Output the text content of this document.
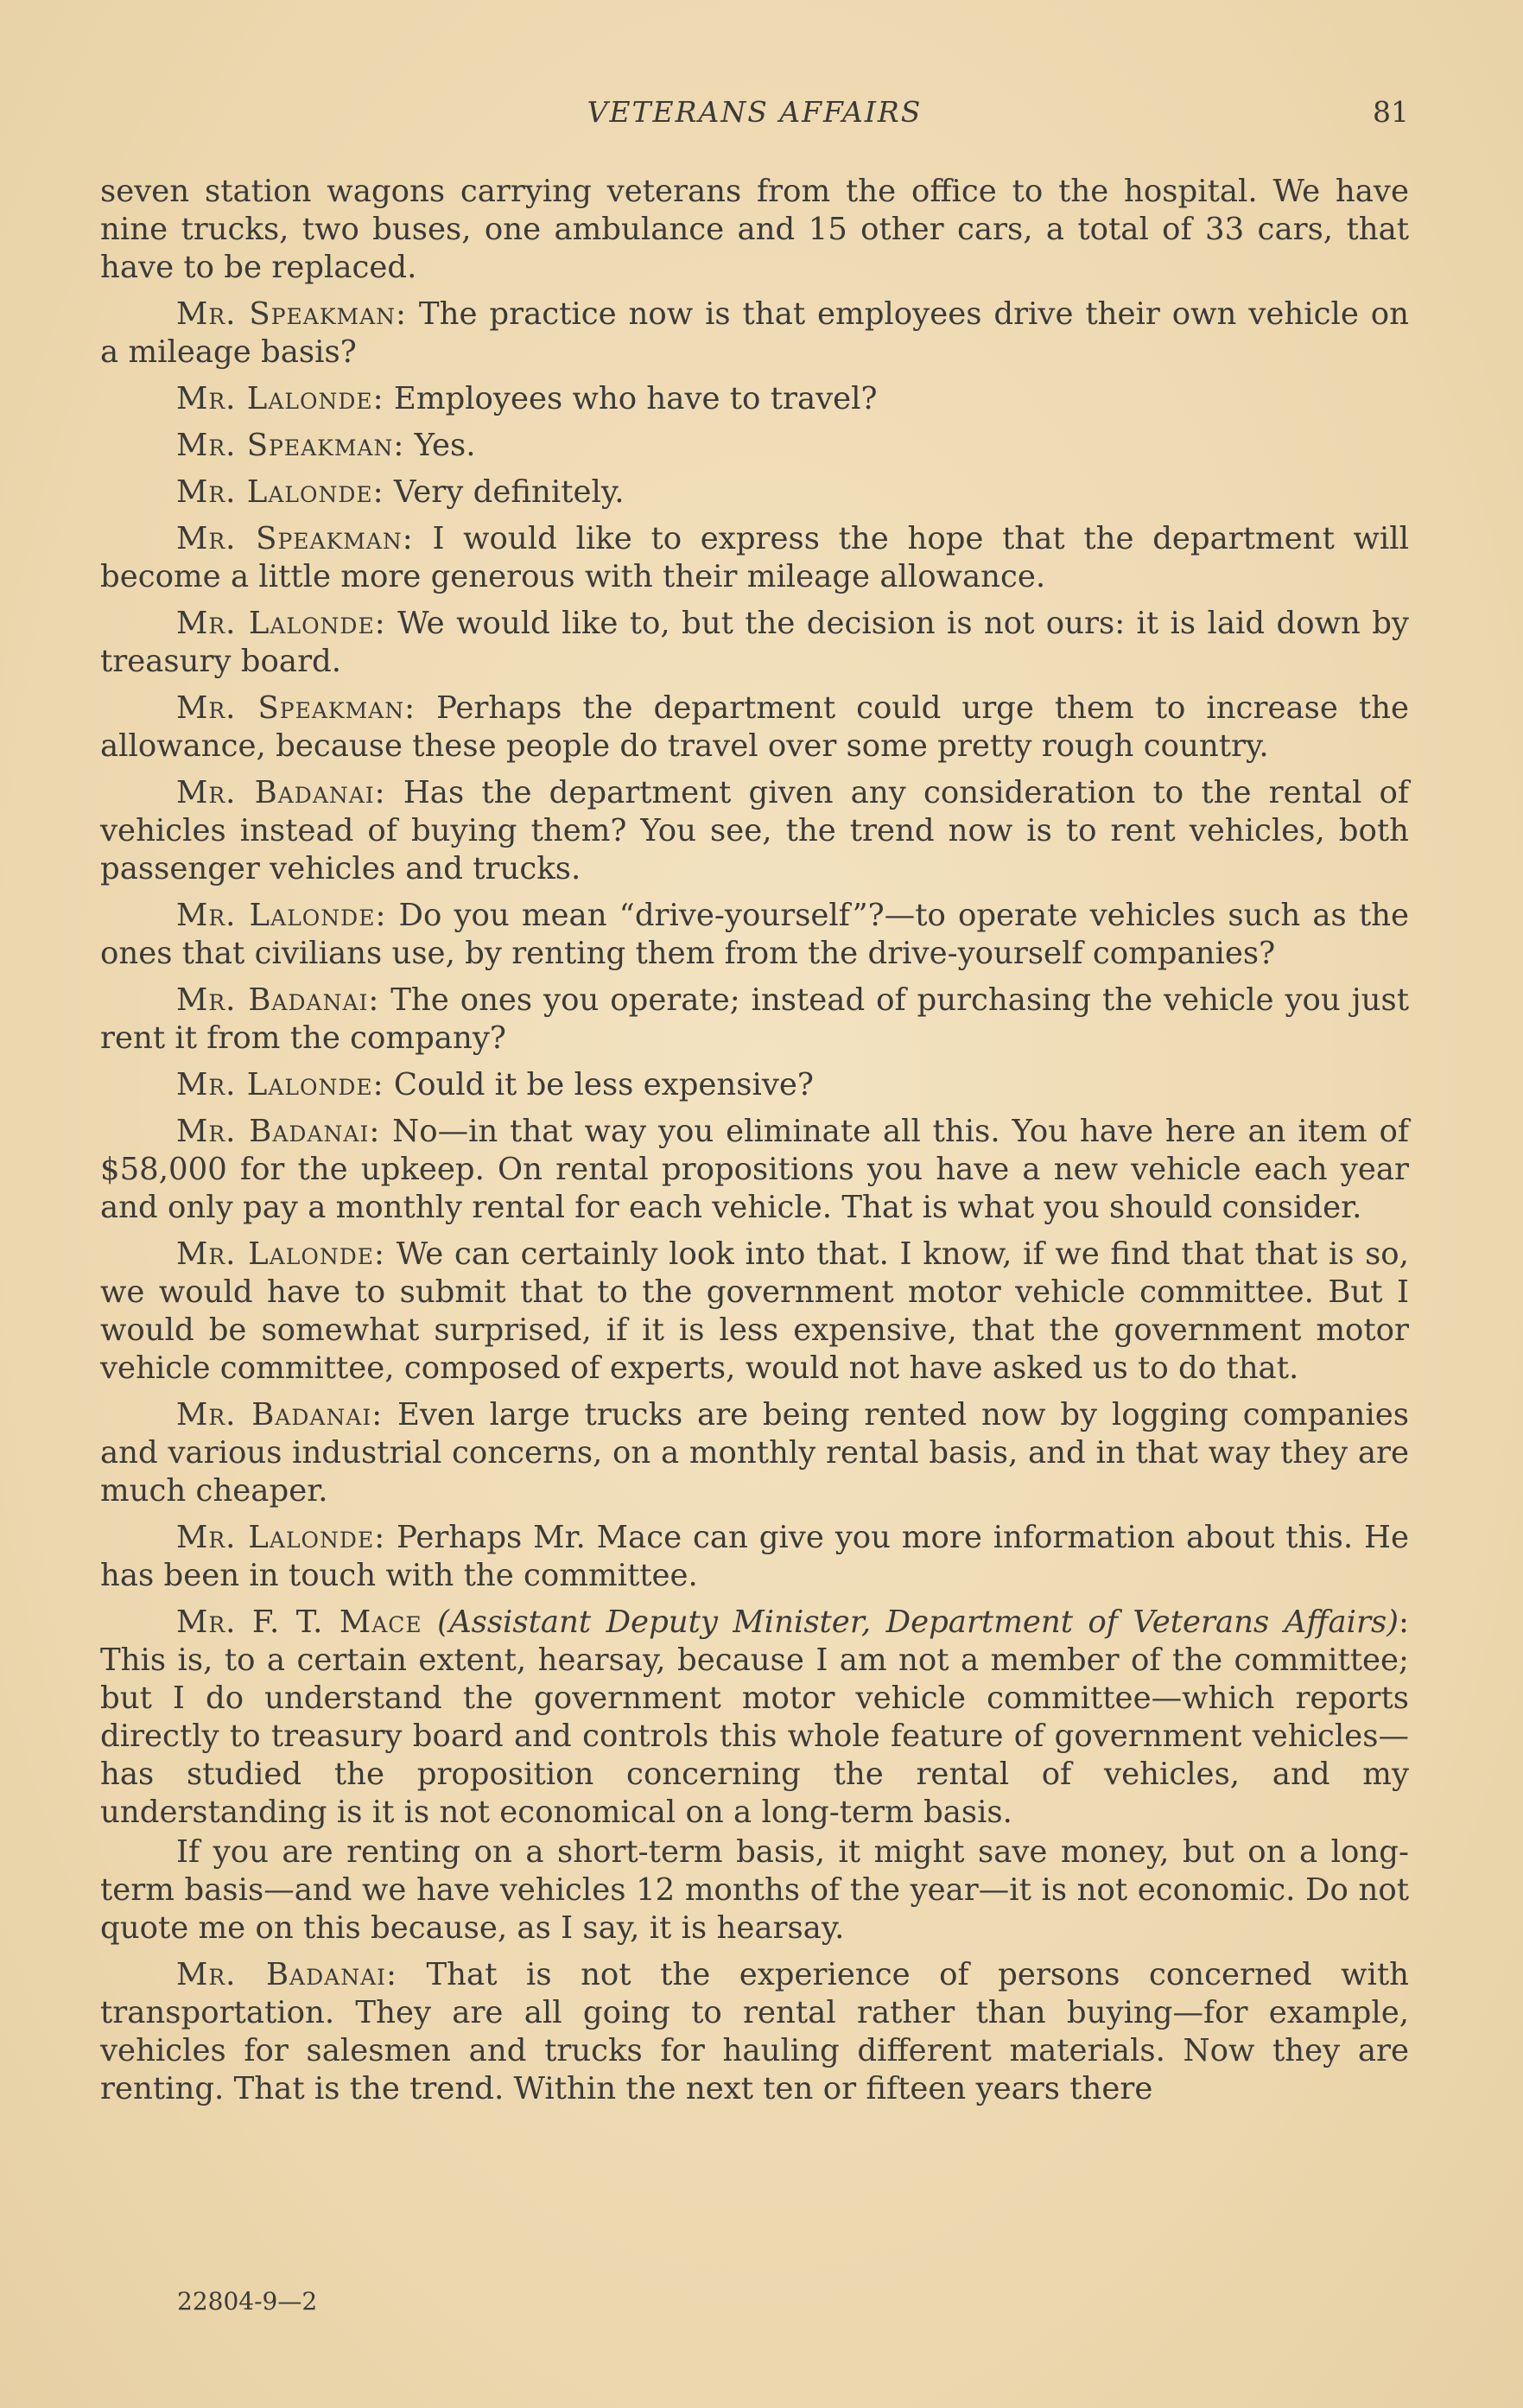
VETERANS AFFAIRS	81

seven station wagons carrying veterans from the office to the hospital. We have nine trucks, two buses, one ambulance and 15 other cars, a total of 33 cars, that have to be replaced.

Mr. Speakman: The practice now is that employees drive their own vehicle on a mileage basis?

Mr. Lalonde: Employees who have to travel?

Mr. Speakman: Yes.

Mr. Lalonde: Very definitely.

Mr. Speakman: I would like to express the hope that the department will become a little more generous with their mileage allowance.

Mr. Lalonde: We would like to, but the decision is not ours: it is laid down by treasury board.

Mr. Speakman: Perhaps the department could urge them to increase the allowance, because these people do travel over some pretty rough country.

Mr. Badanai: Has the department given any consideration to the rental of vehicles instead of buying them? You see, the trend now is to rent vehicles, both passenger vehicles and trucks.

Mr. Lalonde: Do you mean “drive-yourself”?—to operate vehicles such as the ones that civilians use, by renting them from the drive-yourself companies?

Mr. Badanai: The ones you operate; instead of purchasing the vehicle you just rent it from the company?

Mr. Lalonde: Could it be less expensive?

Mr. Badanai: No—in that way you eliminate all this. You have here an item of $58,000 for the upkeep. On rental propositions you have a new vehicle each year and only pay a monthly rental for each vehicle. That is what you should consider.

Mr. Lalonde: We can certainly look into that. I know, if we find that that is so, we would have to submit that to the government motor vehicle committee. But I would be somewhat surprised, if it is less expensive, that the government motor vehicle committee, composed of experts, would not have asked us to do that.

Mr. Badanai: Even large trucks are being rented now by logging companies and various industrial concerns, on a monthly rental basis, and in that way they are much cheaper.

Mr. Lalonde: Perhaps Mr. Mace can give you more information about this. He has been in touch with the committee.

Mr. F. T. Mace (Assistant Deputy Minister, Department of Veterans Affairs): This is, to a certain extent, hearsay, because I am not a member of the committee; but I do understand the government motor vehicle committee—which reports directly to treasury board and controls this whole feature of government vehicles—has studied the proposition concerning the rental of vehicles, and my understanding is it is not economical on a long-term basis.

If you are renting on a short-term basis, it might save money, but on a long-term basis—and we have vehicles 12 months of the year—it is not economic. Do not quote me on this because, as I say, it is hearsay.

Mr. Badanai: That is not the experience of persons concerned with transportation. They are all going to rental rather than buying—for example, vehicles for salesmen and trucks for hauling different materials. Now they are renting. That is the trend. Within the next ten or fifteen years there

22804-9—2
